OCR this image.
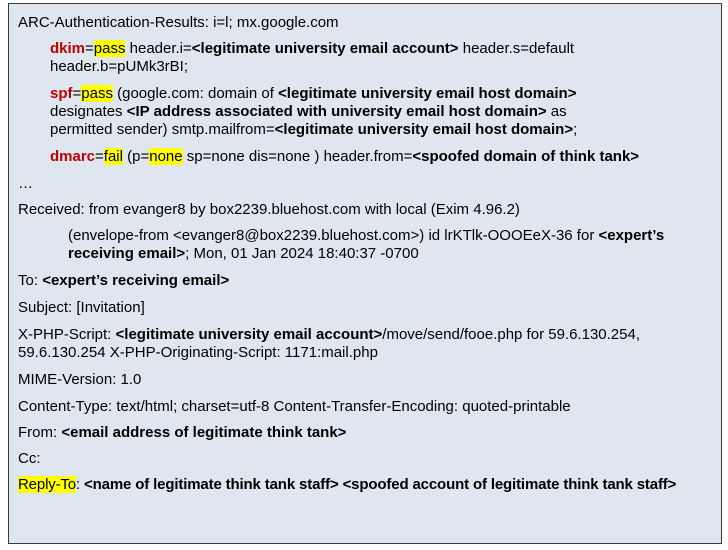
ARC-Authentication-Results: i=l; mx.google.com
dkim=pass header.i=<legitimate university email account> header.s=default
header.b=pUMk3rBI;
spf=pass (google.com: domain of <legitimate university email host domain>
designates <IP address associated with university email host domain> as
permitted sender) smtp.mailfrom=<legitimate university email host domain>;
dmarc=fail (p=none sp=none dis=none ) header.from=<spoofed domain of think tank>
…
Received: from evanger8 by box2239.bluehost.com with local (Exim 4.96.2)
(envelope-from <evanger8@box2239.bluehost.com>) id lrKTlk-OOOEeX-36 for <expert’s
receiving email>; Mon, 01 Jan 2024 18:40:37 -0700
To: <expert’s receiving email>
Subject: [Invitation]
X-PHP-Script: <legitimate university email account>/move/send/fooe.php for 59.6.130.254,
59.6.130.254 X-PHP-Originating-Script: 1171:mail.php
MIME-Version: 1.0
Content-Type: text/html; charset=utf-8 Content-Transfer-Encoding: quoted-printable
From: <email address of legitimate think tank>
Cc:
Reply-To: <name of legitimate think tank staff> <spoofed account of legitimate think tank staff>
